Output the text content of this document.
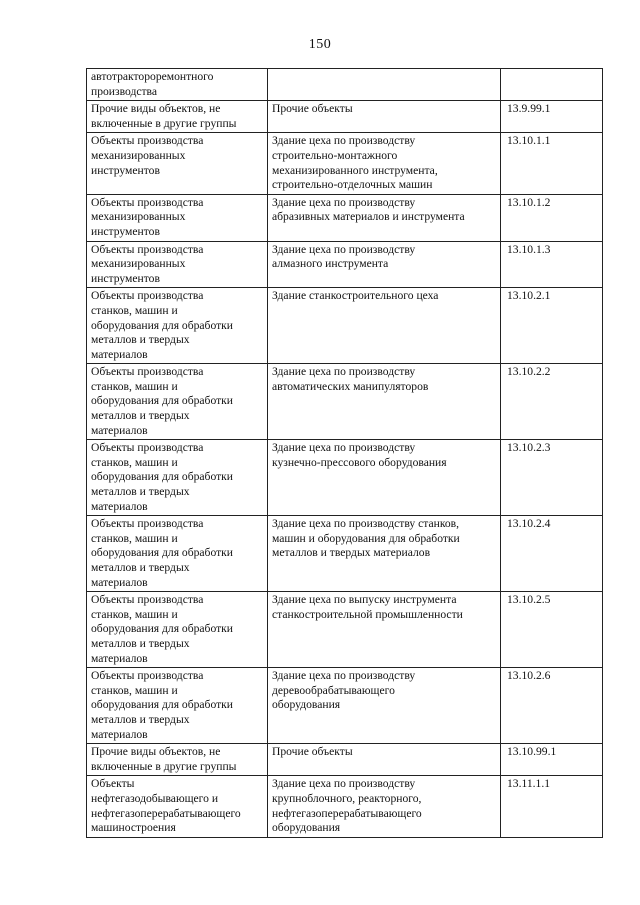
150
автотрактороремонтного
производства		

Прочие виды объектов, не
включенные в другие группы	Прочие объекты	13.9.99.1

Объекты производства
механизированных
инструментов	Здание цеха по производству
строительно-монтажного
механизированного инструмента,
строительно-отделочных машин	13.10.1.1

Объекты производства
механизированных
инструментов	Здание цеха по производству
абразивных материалов и инструмента	13.10.1.2

Объекты производства
механизированных
инструментов	Здание цеха по производству
алмазного инструмента	13.10.1.3

Объекты производства
станков, машин и
оборудования для обработки
металлов и твердых
материалов	Здание станкостроительного цеха	13.10.2.1

Объекты производства
станков, машин и
оборудования для обработки
металлов и твердых
материалов	Здание цеха по производству
автоматических манипуляторов	13.10.2.2

Объекты производства
станков, машин и
оборудования для обработки
металлов и твердых
материалов	Здание цеха по производству
кузнечно-прессового оборудования	13.10.2.3

Объекты производства
станков, машин и
оборудования для обработки
металлов и твердых
материалов	Здание цеха по производству станков,
машин и оборудования для обработки
металлов и твердых материалов	13.10.2.4

Объекты производства
станков, машин и
оборудования для обработки
металлов и твердых
материалов	Здание цеха по выпуску инструмента
станкостроительной промышленности	13.10.2.5

Объекты производства
станков, машин и
оборудования для обработки
металлов и твердых
материалов	Здание цеха по производству
деревообрабатывающего
оборудования	13.10.2.6

Прочие виды объектов, не
включенные в другие группы	Прочие объекты	13.10.99.1

Объекты
нефтегазодобывающего и
нефтегазоперерабатывающего
машиностроения	Здание цеха по производству
крупноблочного, реакторного,
нефтегазоперерабатывающего
оборудования	13.11.1.1
